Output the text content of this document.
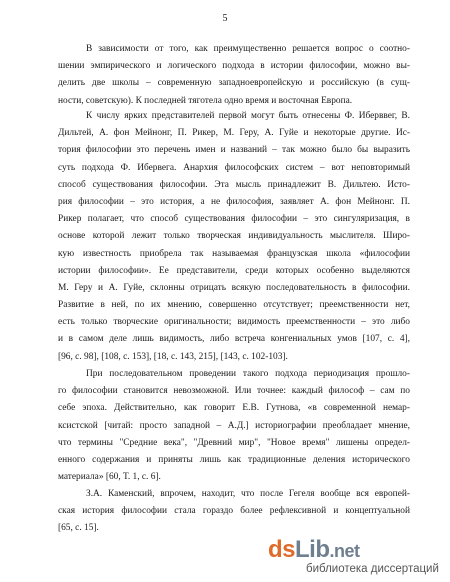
5
В зависимости от того, как преимущественно решается вопрос о соотно-
шении эмпирического и логического подхода в истории философии, можно вы-
делить две школы – современную западноевропейскую и российскую (в сущ-
ности, советскую). К последней тяготела одно время и восточная Европа.
К числу ярких представителей первой могут быть отнесены Ф. Иберввег, В.
Дильтей, А. фон Мейнонг, П. Рикер, М. Геру, А. Гуйе и некоторые другие. Ис-
тория философии это перечень имен и названий – так можно было бы выразить
суть подхода Ф. Ибервега. Анархия философских систем – вот неповторимый
способ существования философии. Эта мысль принадлежит В. Дильтею. Исто-
рия философии – это история, а не философия, заявляет А. фон Мейнонг. П.
Рикер полагает, что способ существования философии – это сингуляризация, в
основе которой лежит только творческая индивидуальность мыслителя. Широ-
кую известность приобрела так называемая французская школа «философии
истории философии». Ее представители, среди которых особенно выделяются
М. Геру и А. Гуйе, склонны отрицать всякую последовательность в философии.
Развитие в ней, по их мнению, совершенно отсутствует; преемственности нет,
есть только творческие оригинальности; видимость преемственности – это либо
и в самом деле лишь видимость, либо встреча конгениальных умов [107, с. 4],
[96, с. 98], [108, с. 153], [18, с. 143, 215], [143, с. 102-103].
При последовательном проведении такого подхода периодизация прошло-
го философии становится невозможной. Или точнее: каждый философ – сам по
себе эпоха. Действительно, как говорит Е.В. Гутнова, «в современной немар-
ксистской [читай: просто западной – А.Д.] историографии преобладает мнение,
что термины "Средние века", "Древний мир", "Новое время" лишены определ-
енного содержания и приняты лишь как традиционные деления исторического
материала» [60, Т. 1, с. 6].
З.А. Каменский, впрочем, находит, что после Гегеля вообще вся европей-
ская история философии стала гораздо более рефлексивной и концептуальной
[65, с. 15].
dsLib.net
библиотека диссертаций
